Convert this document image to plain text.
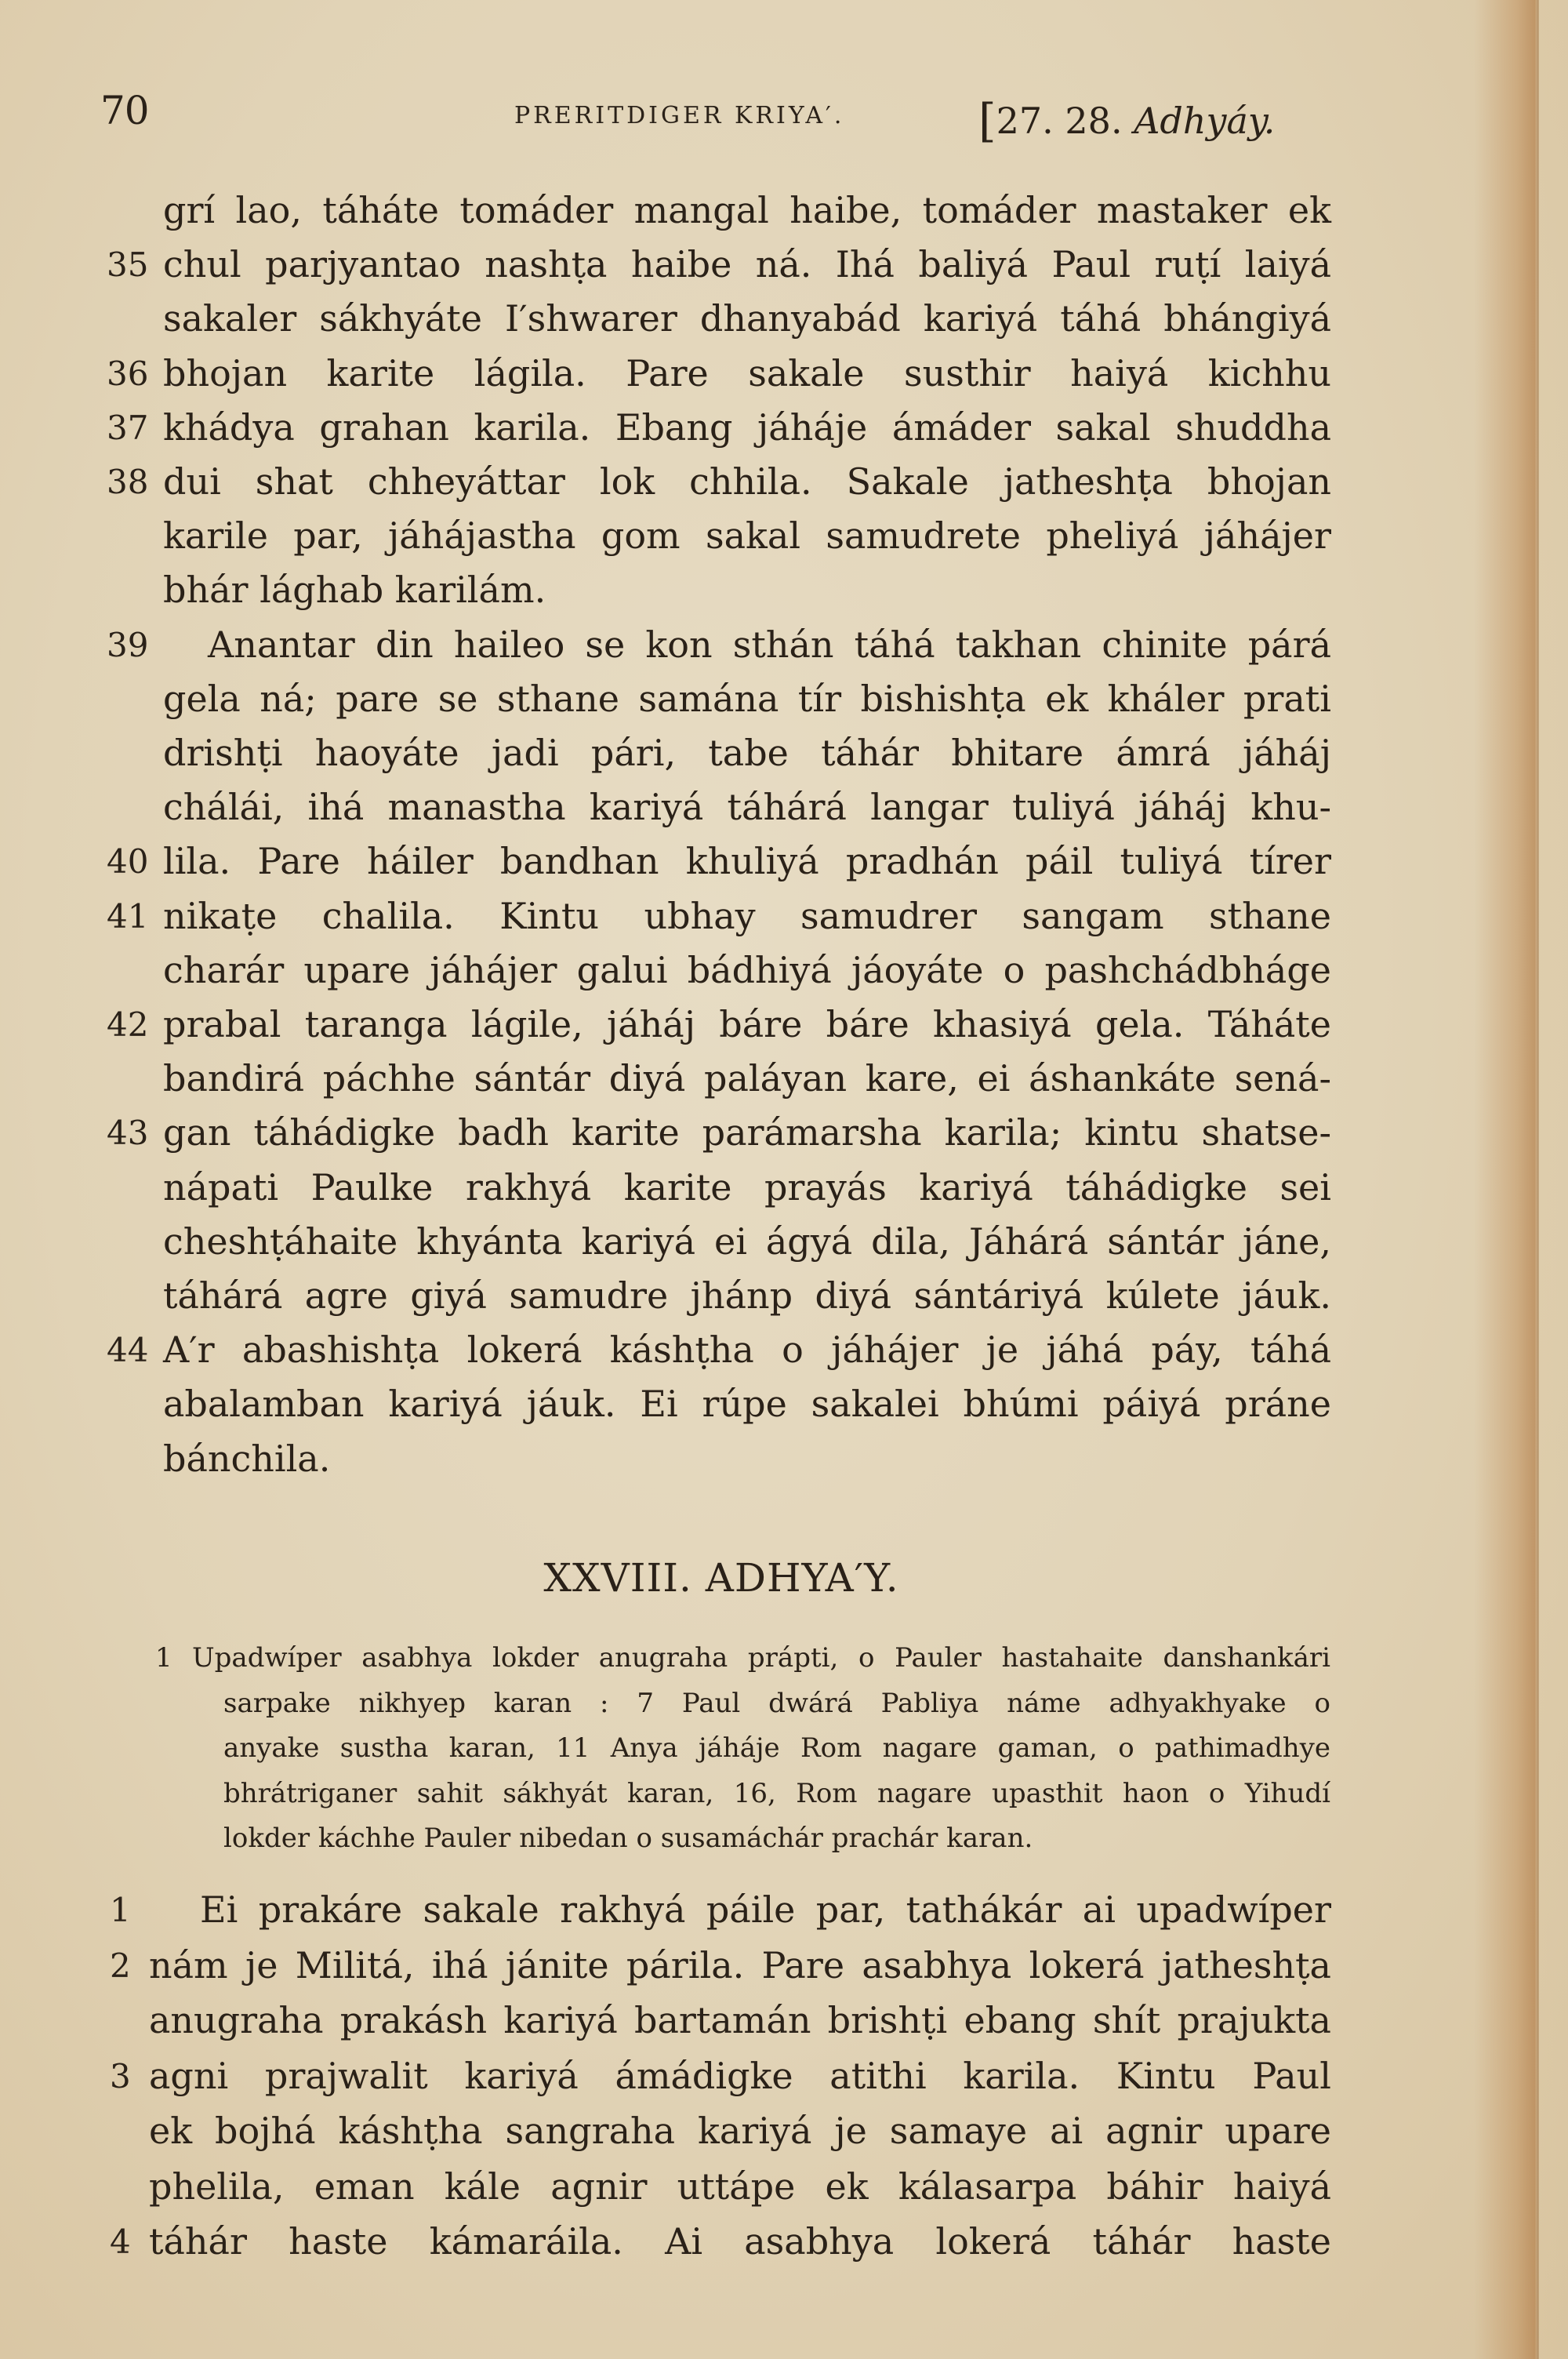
70	PRERITDIGER KRIYA′.	[27. 28. Adhyáy.
grí lao, táháte tomáder mangal haibe, tomáder mastaker ek
35 chul parjyantao nashṭa haibe ná. Ihá baliyá Paul ruṭí laiyá
sakaler sákhyáte I′shwarer dhanyabád kariyá táhá bhángiyá
36 bhojan karite lágila. Pare sakale susthir haiyá kichhu
37 khádya grahan karila. Ebang jáháje ámáder sakal shuddha
38 dui shat chheyáttar lok chhila. Sakale jatheshṭa bhojan
karile par, jáhájastha gom sakal samudrete pheliyá jáhájer
bhár lághab karilám.
39 Anantar din haileo se kon sthán táhá takhan chinite párá
gela ná; pare se sthane samána tír bishishṭa ek kháler prati
drishṭi haoyáte jadi pári, tabe táhár bhitare ámrá jáháj
chálái, ihá manastha kariyá táhárá langar tuliyá jáháj khu-
40 lila. Pare háiler bandhan khuliyá pradhán páil tuliyá tírer
41 nikaṭe chalila. Kintu ubhay samudrer sangam sthane
charár upare jáhájer galui bádhiyá jáoyáte o pashchádbháge
42 prabal taranga lágile, jáháj báre báre khasiyá gela. Táháte
bandirá páchhe sántár diyá paláyan kare, ei áshankáte sená-
43 gan táhádigke badh karite parámarsha karila; kintu shatse-
nápati Paulke rakhyá karite prayás kariyá táhádigke sei
cheshṭáhaite khyánta kariyá ei ágyá dila, Jáhárá sántár jáne,
táhárá agre giyá samudre jhánp diyá sántáriyá kúlete jáuk.
44 A′r abashishṭa lokerá káshṭha o jáhájer je jáhá páy, táhá
abalamban kariyá jáuk. Ei rúpe sakalei bhúmi páiyá práne
bánchila.
XXVIII. ADHYA′Y.
1 Upadwíper asabhya lokder anugraha prápti, o Pauler hastahaite danshankári
sarpake nikhyep karan : 7 Paul dwárá Pabliya náme adhyakhyake o
anyake sustha karan, 11 Anya jáháje Rom nagare gaman, o pathimadhye
bhrátriganer sahit sákhyát karan, 16, Rom nagare upasthit haon o Yihudí
lokder káchhe Pauler nibedan o susamáchár prachár karan.
1 Ei prakáre sakale rakhyá páile par, tathákár ai upadwíper
2 nám je Militá, ihá jánite párila. Pare asabhya lokerá jatheshṭa
anugraha prakásh kariyá bartamán brishṭi ebang shít prajukta
3 agni prajwalit kariyá ámádigke atithi karila. Kintu Paul
ek bojhá káshṭha sangraha kariyá je samaye ai agnir upare
phelila, eman kále agnir uttápe ek kálasarpa báhir haiyá
4 táhár haste kámaráila. Ai asabhya lokerá táhár haste
